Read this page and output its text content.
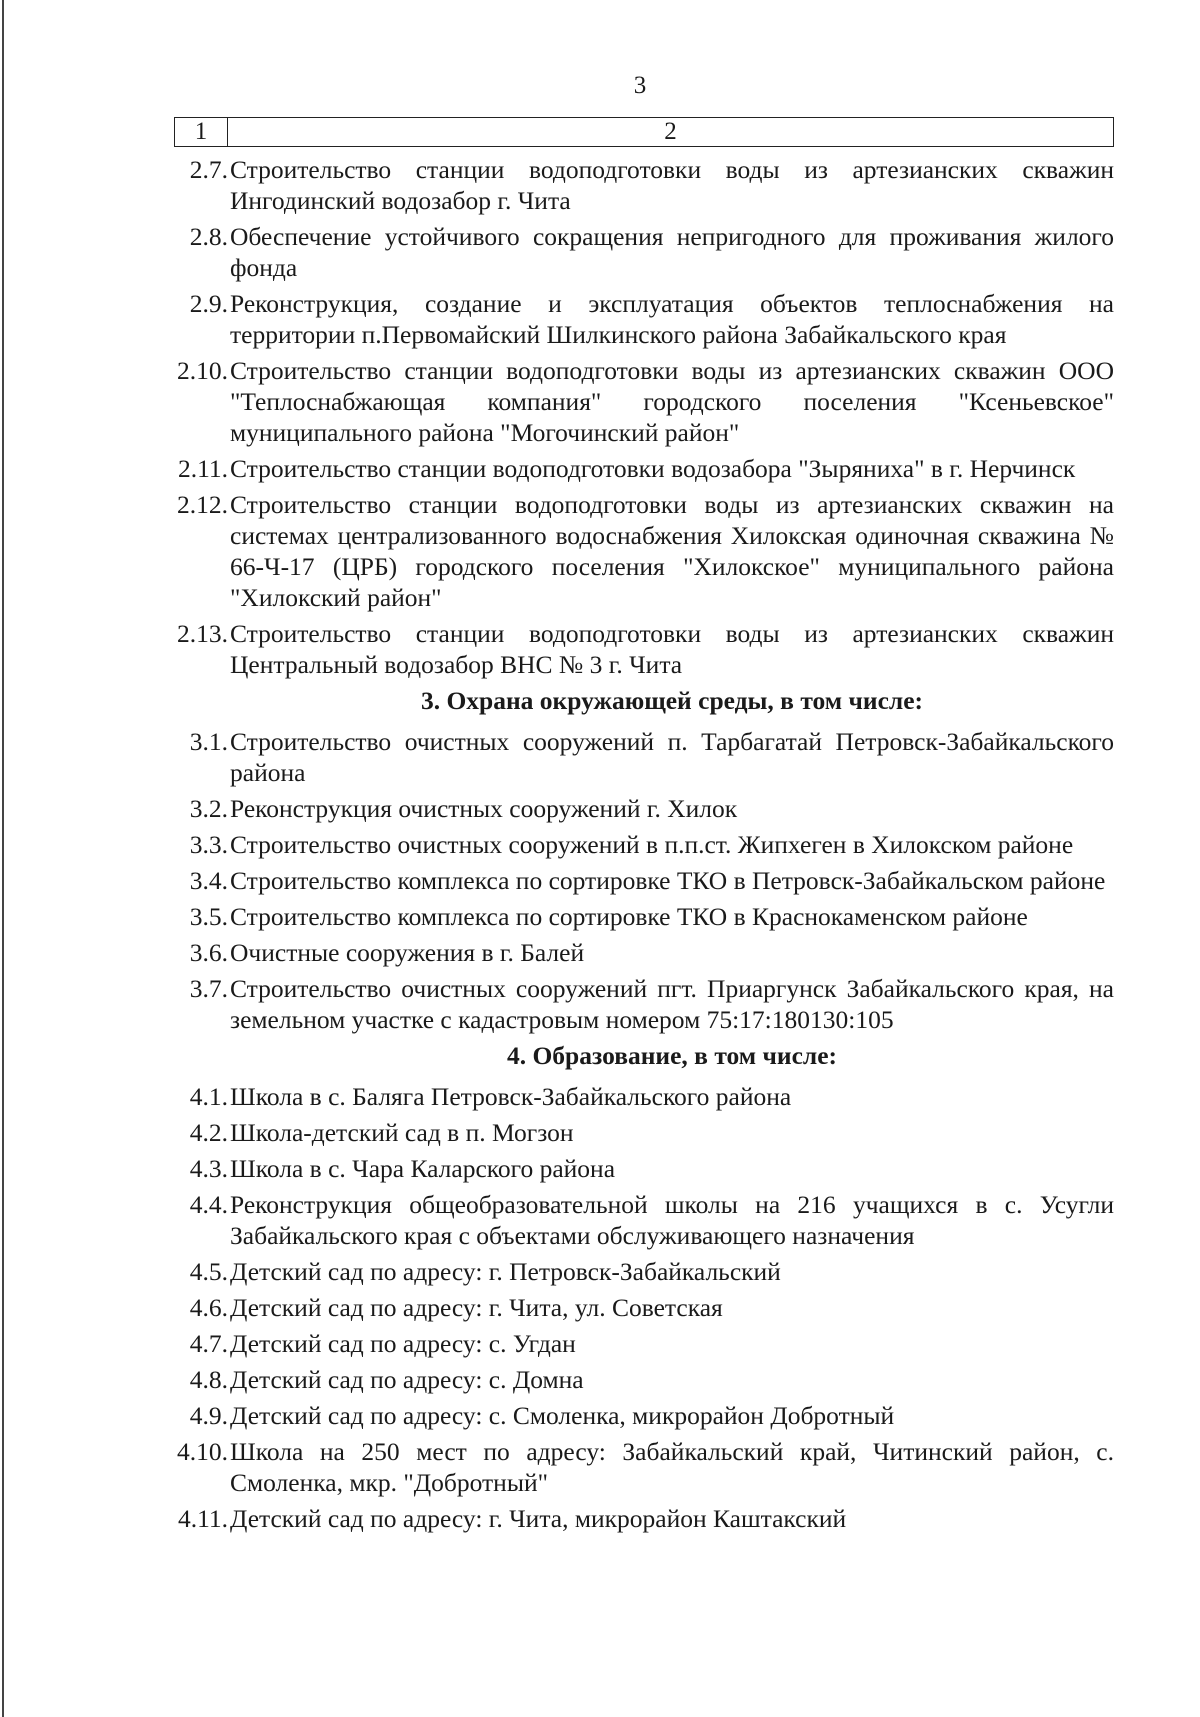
3
1	2
2.7. Строительство станции водоподготовки воды из артезианских скважин Ингодинский водозабор г. Чита
2.8. Обеспечение устойчивого сокращения непригодного для проживания жилого фонда
2.9. Реконструкция, создание и эксплуатация объектов теплоснабжения на территории п.Первомайский Шилкинского района Забайкальского края
2.10. Строительство станции водоподготовки воды из артезианских скважин ООО "Теплоснабжающая компания" городского поселения "Ксеньевское" муниципального района "Могочинский район"
2.11. Строительство станции водоподготовки водозабора "Зыряниха" в г. Нерчинск
2.12. Строительство станции водоподготовки воды из артезианских скважин на системах централизованного водоснабжения Хилокская одиночная скважина № 66-Ч-17 (ЦРБ) городского поселения "Хилокское" муниципального района "Хилокский район"
2.13. Строительство станции водоподготовки воды из артезианских скважин Центральный водозабор ВНС № 3 г. Чита
3. Охрана окружающей среды, в том числе:
3.1. Строительство очистных сооружений п. Тарбагатай Петровск-Забайкальского района
3.2. Реконструкция очистных сооружений г. Хилок
3.3. Строительство очистных сооружений в п.п.ст. Жипхеген в Хилокском районе
3.4. Строительство комплекса по сортировке ТКО в Петровск-Забайкальском районе
3.5. Строительство комплекса по сортировке ТКО в Краснокаменском районе
3.6. Очистные сооружения в г. Балей
3.7. Строительство очистных сооружений пгт. Приаргунск Забайкальского края, на земельном участке с кадастровым номером 75:17:180130:105
4. Образование, в том числе:
4.1. Школа в с. Баляга Петровск-Забайкальского района
4.2. Школа-детский сад в п. Могзон
4.3. Школа в с. Чара Каларского района
4.4. Реконструкция общеобразовательной школы на 216 учащихся в с. Усугли Забайкальского края с объектами обслуживающего назначения
4.5. Детский сад по адресу: г. Петровск-Забайкальский
4.6. Детский сад по адресу: г. Чита, ул. Советская
4.7. Детский сад по адресу: с. Угдан
4.8. Детский сад по адресу: с. Домна
4.9. Детский сад по адресу: с. Смоленка, микрорайон Добротный
4.10. Школа на 250 мест по адресу: Забайкальский край, Читинский район, с. Смоленка, мкр. "Добротный"
4.11. Детский сад по адресу: г. Чита, микрорайон Каштакский
